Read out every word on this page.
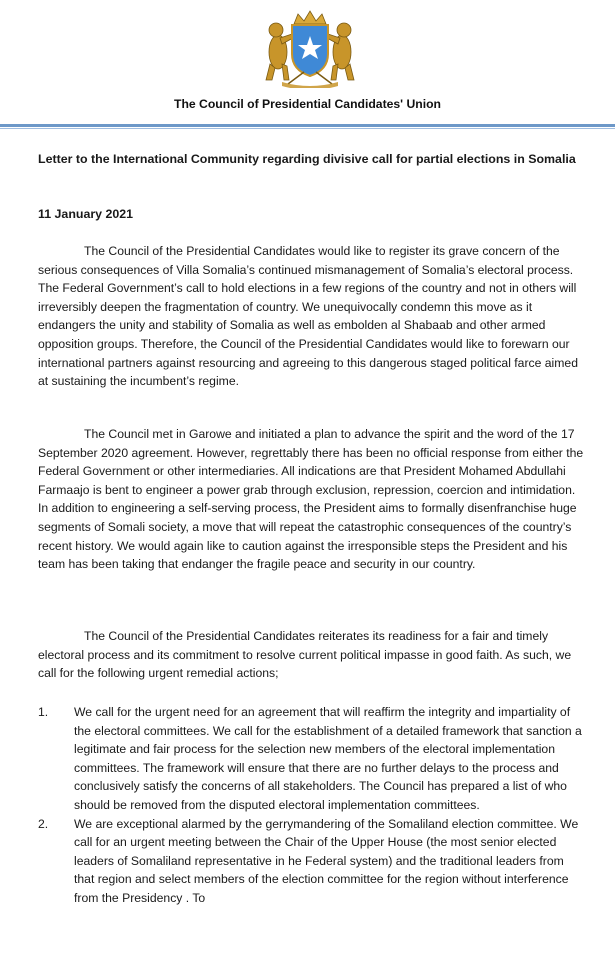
The Council of Presidential Candidates' Union
Letter to the International Community regarding divisive call for partial elections in Somalia
11 January 2021

The Council of the Presidential Candidates would like to register its grave concern of the serious consequences of Villa Somalia’s continued mismanagement of Somalia’s electoral process. The Federal Government’s call to hold elections in a few regions of the country and not in others will irreversibly deepen the fragmentation of country. We unequivocally condemn this move as it endangers the unity and stability of Somalia as well as embolden al Shabaab and other armed opposition groups. Therefore, the Council of the Presidential Candidates would like to forewarn our international partners against resourcing and agreeing to this dangerous staged political farce aimed at sustaining the incumbent’s regime.

The Council met in Garowe and initiated a plan to advance the spirit and the word of the 17 September 2020 agreement. However, regrettably there has been no official response from either the Federal Government or other intermediaries. All indications are that President Mohamed Abdullahi Farmaajo is bent to engineer a power grab through exclusion, repression, coercion and intimidation. In addition to engineering a self-serving process, the President aims to formally disenfranchise huge segments of Somali society, a move that will repeat the catastrophic consequences of the country’s recent history. We would again like to caution against the irresponsible steps the President and his team has been taking that endanger the fragile peace and security in our country.

The Council of the Presidential Candidates reiterates its readiness for a fair and timely electoral process and its commitment to resolve current political impasse in good faith. As such, we call for the following urgent remedial actions;

1. We call for the urgent need for an agreement that will reaffirm the integrity and impartiality of the electoral committees. We call for the establishment of a detailed framework that sanction a legitimate and fair process for the selection new members of the electoral implementation committees. The framework will ensure that there are no further delays to the process and conclusively satisfy the concerns of all stakeholders. The Council has prepared a list of who should be removed from the disputed electoral implementation committees.
2. We are exceptional alarmed by the gerrymandering of the Somaliland election committee. We call for an urgent meeting between the Chair of the Upper House (the most senior elected leaders of Somaliland representative in he Federal system) and the traditional leaders from that region and select members of the election committee for the region without interference from the Presidency . To
